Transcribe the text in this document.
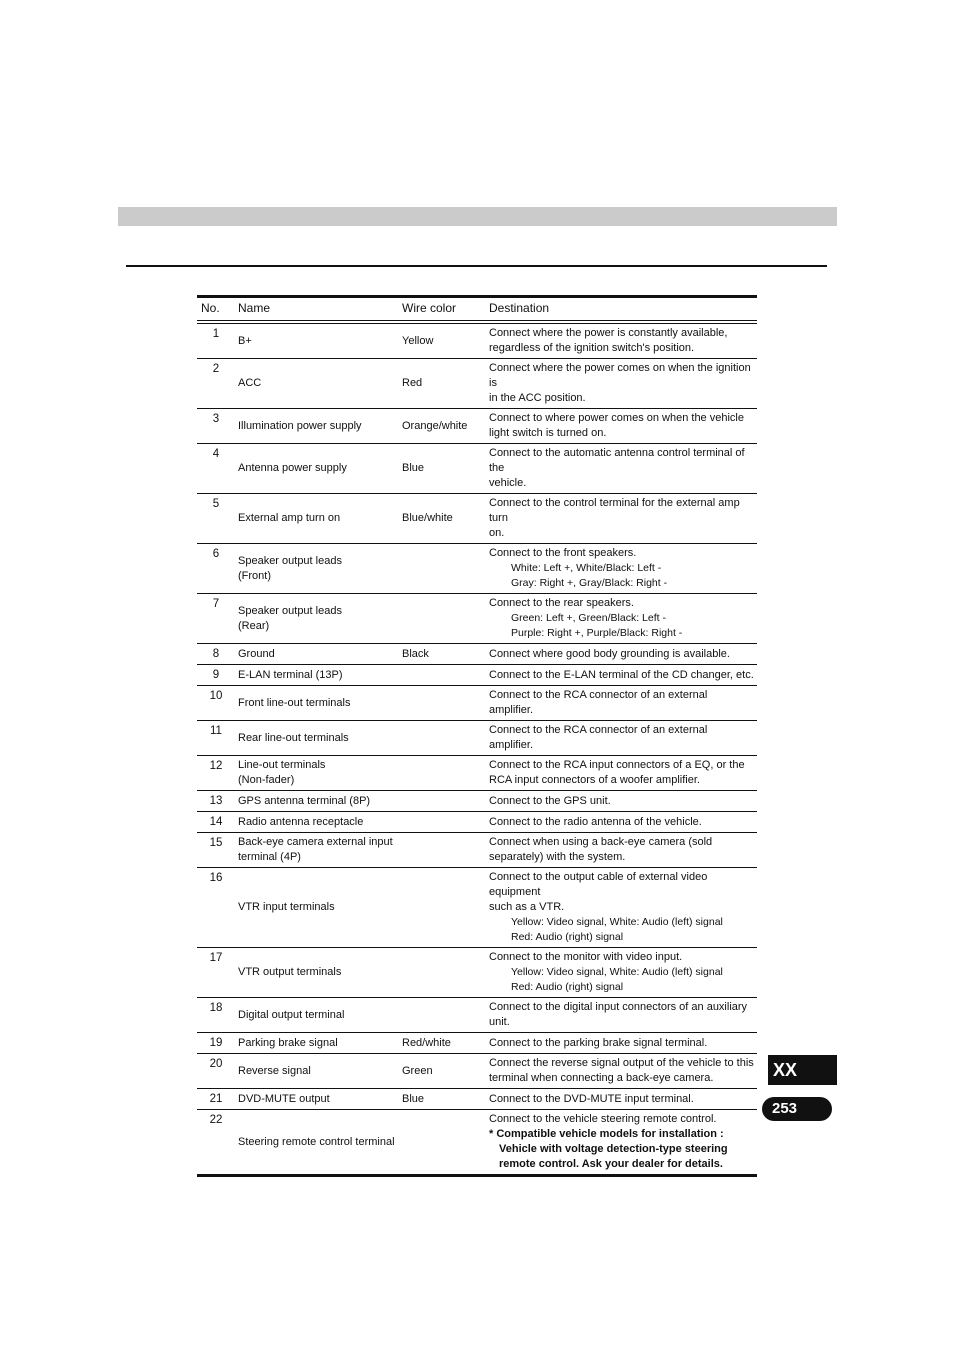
No.	Name	Wire color	Destination
1	B+	Yellow	Connect where the power is constantly available,
regardless of the ignition switch's position.

2	ACC	Red	Connect where the power comes on when the ignition is
in the ACC position.

3	Illumination power supply	Orange/white	Connect to where power comes on when the vehicle
light switch is turned on.

4	Antenna power supply	Blue	Connect to the automatic antenna control terminal of the
vehicle.

5	External amp turn on	Blue/white	Connect to the control terminal for the external amp turn
on.

6	Speaker output leads
(Front)		Connect to the front speakers.
White: Left +, White/Black: Left -
Gray: Right +, Gray/Black: Right -

7	Speaker output leads
(Rear)		Connect to the rear speakers.
Green: Left +, Green/Black: Left -
Purple: Right +, Purple/Black: Right -

8	Ground	Black	Connect where good body grounding is available.

9	E-LAN terminal (13P)		Connect to the E-LAN terminal of the CD changer, etc.

10	Front line-out terminals		Connect to the RCA connector of an external amplifier.

11	Rear line-out terminals		Connect to the RCA connector of an external amplifier.

12	Line-out terminals
(Non-fader)		Connect to the RCA input connectors of a EQ, or the
RCA input connectors of a woofer amplifier.

13	GPS antenna terminal (8P)		Connect to the GPS unit.

14	Radio antenna receptacle		Connect to the radio antenna of the vehicle.

15	Back-eye camera external input
terminal (4P)		Connect when using a back-eye camera (sold
separately) with the system.

16	VTR input terminals		Connect to the output cable of external video equipment
such as a VTR.
Yellow: Video signal, White: Audio (left) signal
Red: Audio (right) signal

17	VTR output terminals		Connect to the monitor with video input.
Yellow: Video signal, White: Audio (left) signal
Red: Audio (right) signal

18	Digital output terminal		Connect to the digital input connectors of an auxiliary
unit.

19	Parking brake signal	Red/white	Connect to the parking brake signal terminal.

20	Reverse signal	Green	Connect the reverse signal output of the vehicle to this
terminal when connecting a back-eye camera.

21	DVD-MUTE output	Blue	Connect to the DVD-MUTE input terminal.

22	Steering remote control terminal		Connect to the vehicle steering remote control.
* Compatible vehicle models for installation :
Vehicle with voltage detection-type steering
remote control. Ask your dealer for details.
XX
253
